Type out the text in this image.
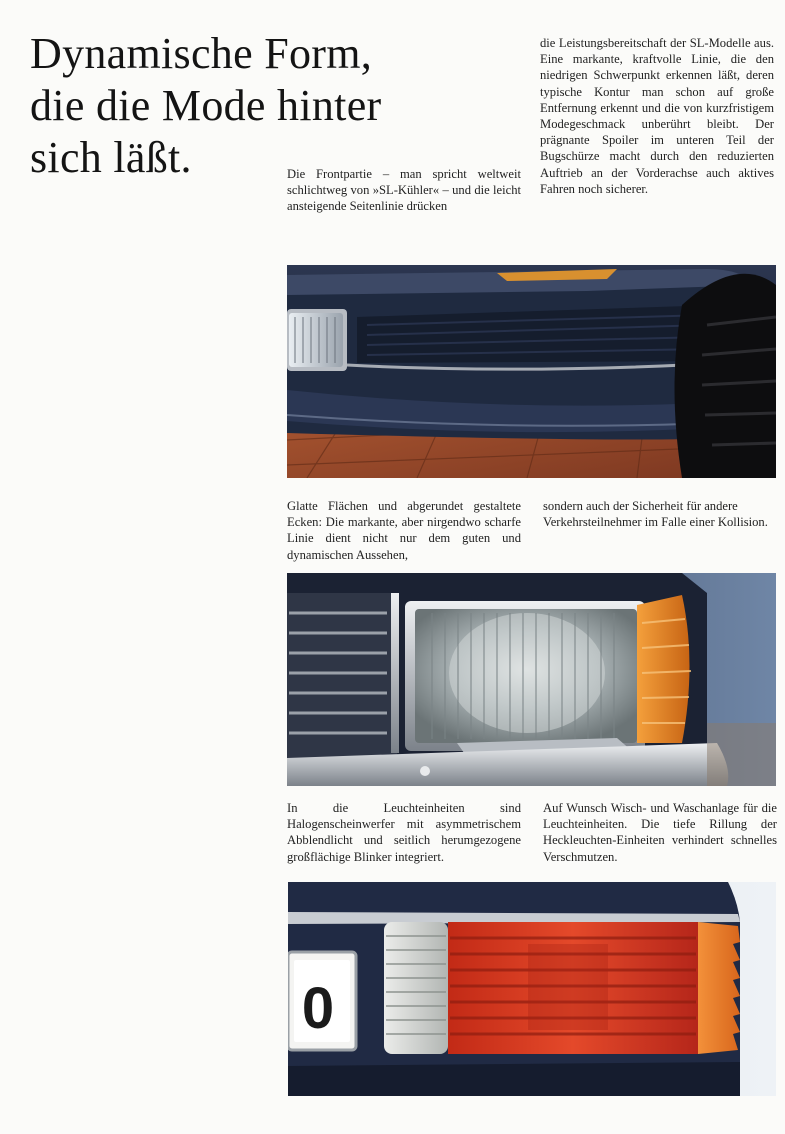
Dynamische Form,
die die Mode hinter
sich läßt.	Die Frontpartie – man spricht weltweit schlichtweg von »SL-Kühler« – und die leicht ansteigende Seitenlinie drücken

die Leistungsbereitschaft der SL-Modelle aus. Eine markante, kraftvolle Linie, die den niedrigen Schwerpunkt erkennen läßt, deren typische Kontur man schon auf große Entfernung erkennt und die von kurzfristigem Modegeschmack unberührt bleibt. Der prägnante Spoiler im unteren Teil der Bugschürze macht durch den reduzierten Auftrieb an der Vorderachse auch aktives Fahren noch sicherer.

Glatte Flächen und abgerundet gestaltete Ecken: Die markante, aber nirgendwo scharfe Linie dient nicht nur dem guten und dynamischen Aussehen,

sondern auch der Sicherheit für andere Verkehrsteilnehmer im Falle einer Kollision.

In die Leuchteinheiten sind Halogenscheinwerfer mit asymmetrischem Abblendlicht und seitlich herumgezogene großflächige Blinker integriert.

Auf Wunsch Wisch- und Waschanlage für die Leuchteinheiten. Die tiefe Rillung der Heckleuchten-Einheiten verhindert schnelles Verschmutzen.

0
